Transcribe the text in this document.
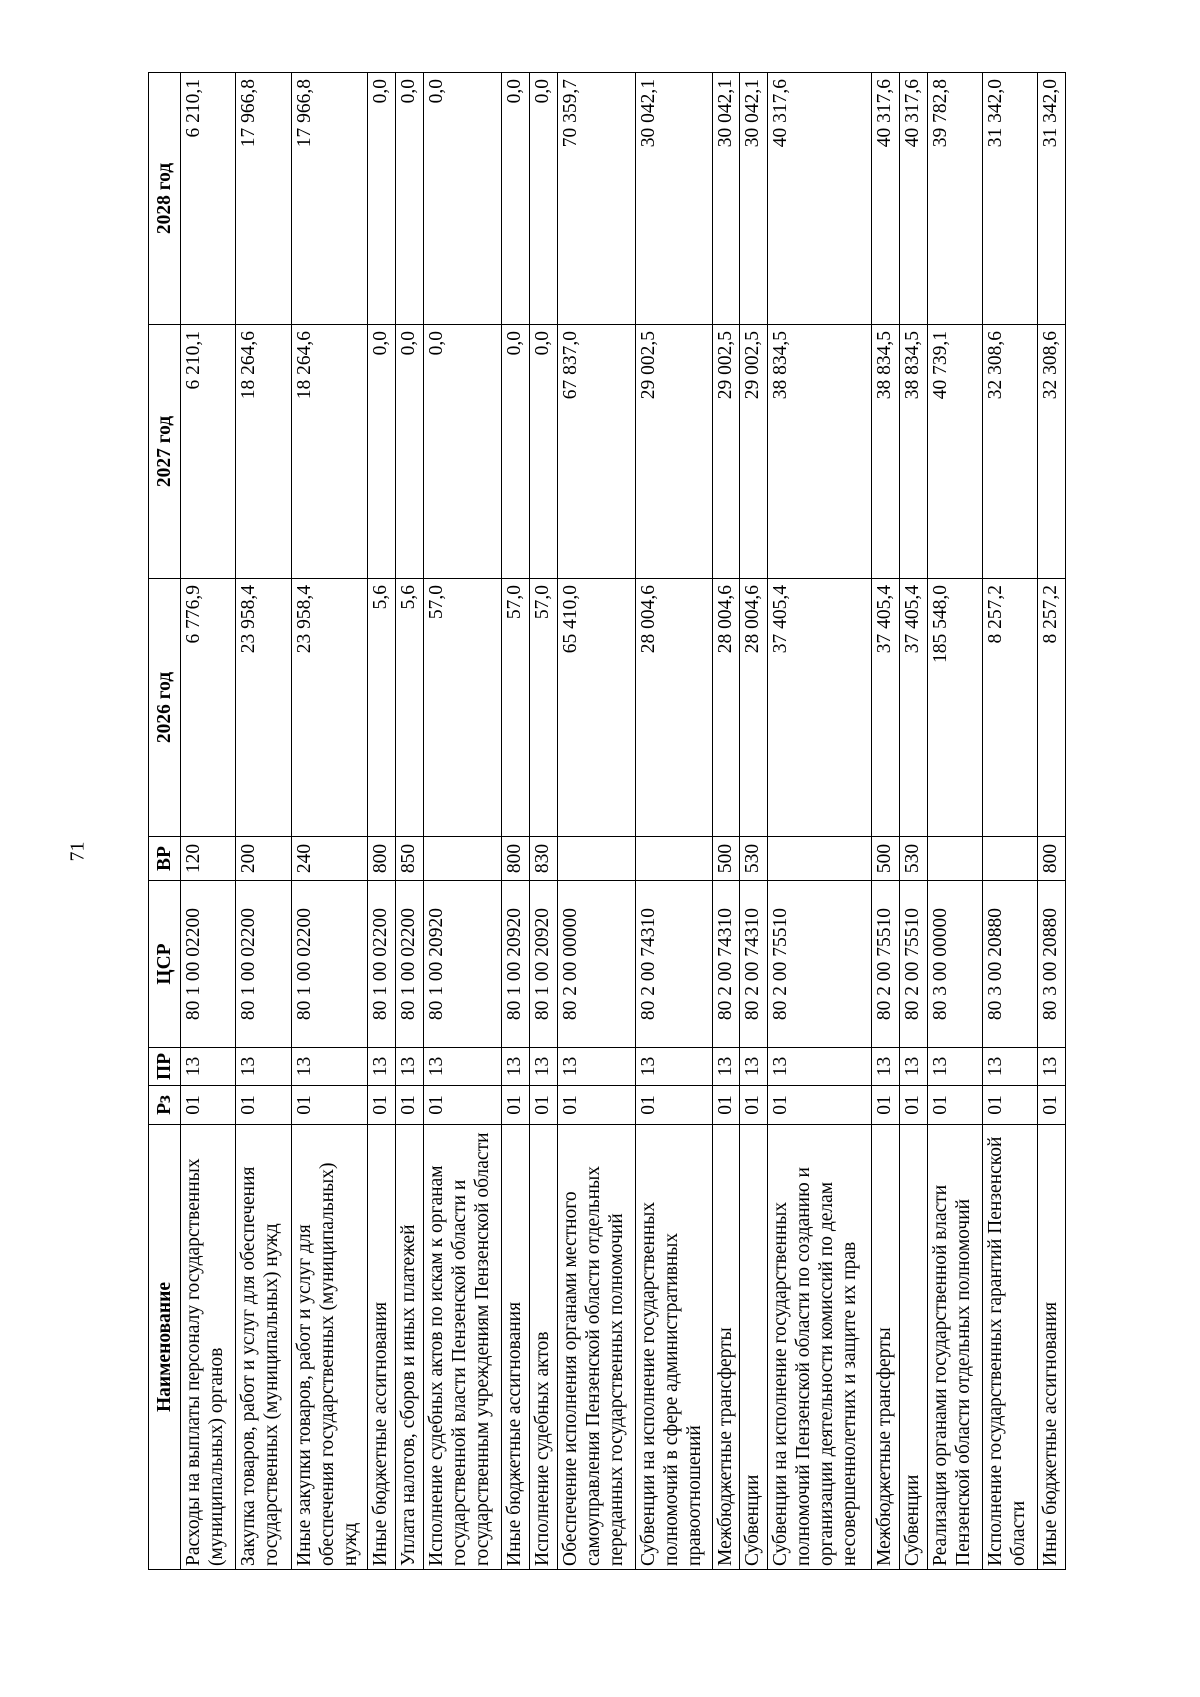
71
Наименование	Рз	ПР	ЦСР	ВР	2026 год	2027 год	2028 год
Расходы на выплаты персоналу государственных (муниципальных) органов	01	13	80 1 00 02200	120	6 776,9	6 210,1	6 210,1
Закупка товаров, работ и услуг для обеспечения государственных (муниципальных) нужд	01	13	80 1 00 02200	200	23 958,4	18 264,6	17 966,8
Иные закупки товаров, работ и услуг для обеспечения государственных (муниципальных) нужд	01	13	80 1 00 02200	240	23 958,4	18 264,6	17 966,8
Иные бюджетные ассигнования	01	13	80 1 00 02200	800	5,6	0,0	0,0
Уплата налогов, сборов и иных платежей	01	13	80 1 00 02200	850	5,6	0,0	0,0
Исполнение судебных актов по искам к органам государственной власти Пензенской области и государственным учреждениям Пензенской области	01	13	80 1 00 20920		57,0	0,0	0,0
Иные бюджетные ассигнования	01	13	80 1 00 20920	800	57,0	0,0	0,0
Исполнение судебных актов	01	13	80 1 00 20920	830	57,0	0,0	0,0
Обеспечение исполнения органами местного самоуправления Пензенской области отдельных переданных государственных полномочий	01	13	80 2 00 00000		65 410,0	67 837,0	70 359,7
Субвенции на исполнение государственных полномочий в сфере административных правоотношений	01	13	80 2 00 74310		28 004,6	29 002,5	30 042,1
Межбюджетные трансферты	01	13	80 2 00 74310	500	28 004,6	29 002,5	30 042,1
Субвенции	01	13	80 2 00 74310	530	28 004,6	29 002,5	30 042,1
Субвенции на исполнение государственных полномочий Пензенской области по созданию и организации деятельности комиссий по делам несовершеннолетних и защите их прав	01	13	80 2 00 75510		37 405,4	38 834,5	40 317,6
Межбюджетные трансферты	01	13	80 2 00 75510	500	37 405,4	38 834,5	40 317,6
Субвенции	01	13	80 2 00 75510	530	37 405,4	38 834,5	40 317,6
Реализация органами государственной власти Пензенской области отдельных полномочий	01	13	80 3 00 00000		185 548,0	40 739,1	39 782,8
Исполнение государственных гарантий Пензенской области	01	13	80 3 00 20880		8 257,2	32 308,6	31 342,0
Иные бюджетные ассигнования	01	13	80 3 00 20880	800	8 257,2	32 308,6	31 342,0
